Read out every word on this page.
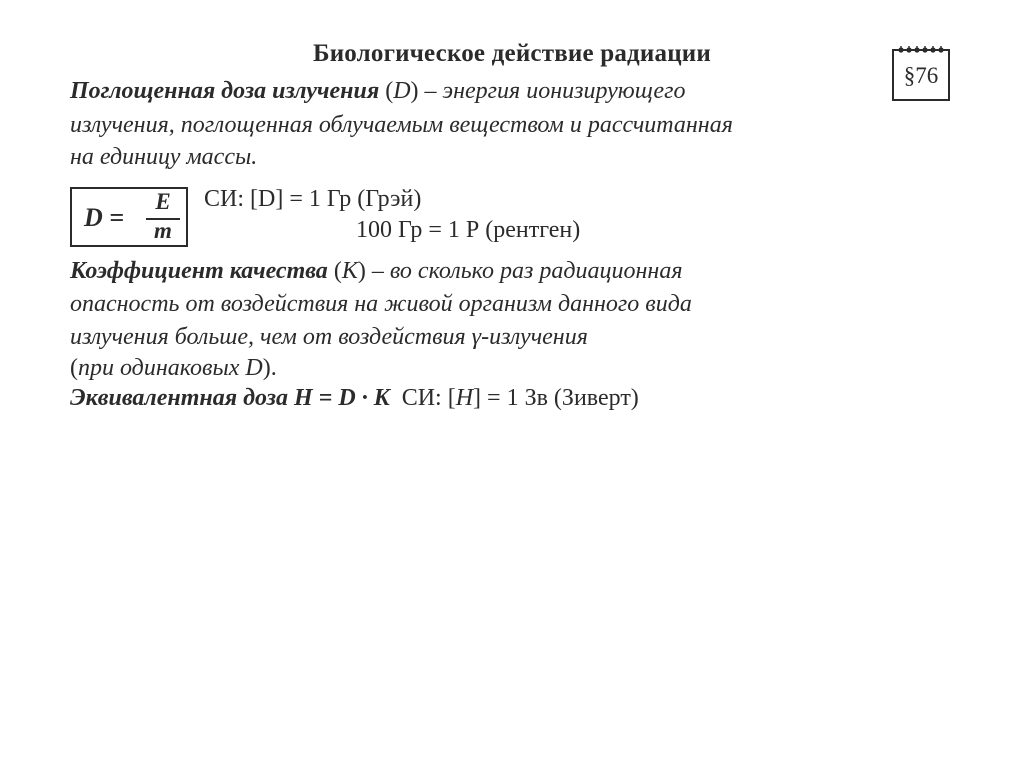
Биологическое действие радиации
§76
Поглощенная доза излучения (D) – энергия ионизирующего
излучения, поглощенная облучаемым веществом и рассчитанная
на единицу массы.
D =
E
m
СИ: [D] = 1 Гр (Грэй)
100 Гр = 1 Р (рентген)
Коэффициент качества (K) – во сколько раз радиационная
опасность от воздействия на живой организм данного вида
излучения больше, чем от воздействия γ-излучения
(при одинаковых D).
Эквивалентная доза H = D · K  СИ: [H] = 1 Зв (Зиверт)
